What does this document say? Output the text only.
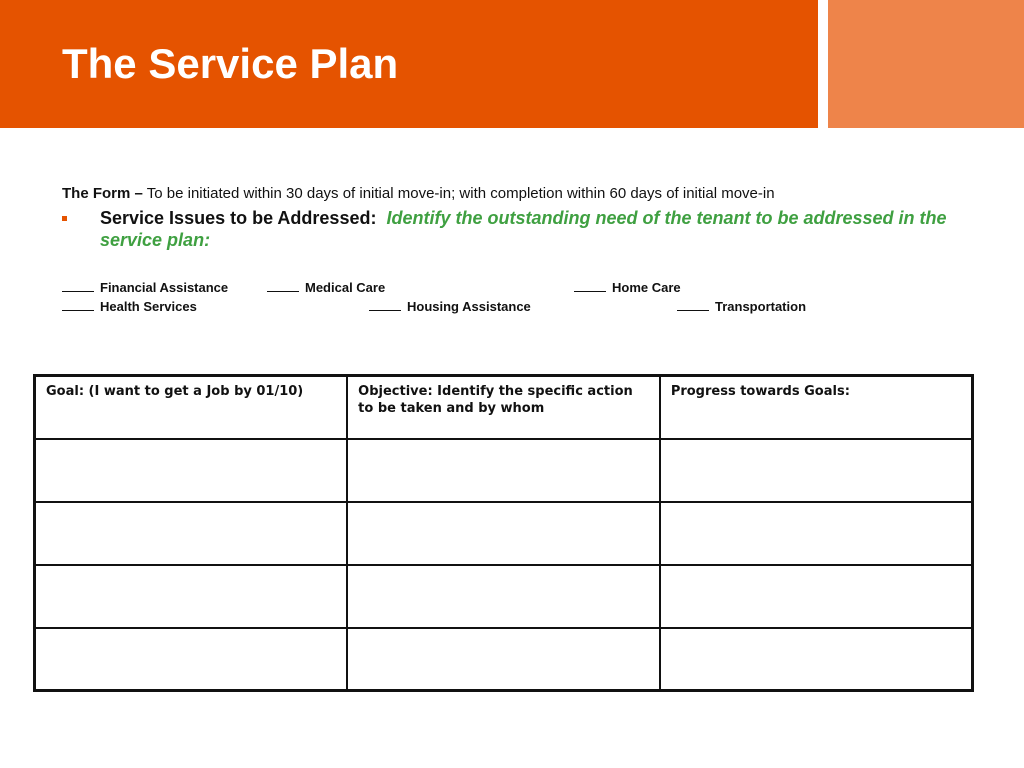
The Service Plan
The Form – To be initiated within 30 days of initial move-in; with completion within 60 days of initial move-in
Service Issues to be Addressed: Identify the outstanding need of the tenant to be addressed in the service plan:
Financial Assistance	Medical Care	Home Care
Health Services	Housing Assistance	Transportation
Goal: (I want to get a Job by 01/10)	Objective: Identify the specific action to be taken and by whom	Progress towards Goals:
